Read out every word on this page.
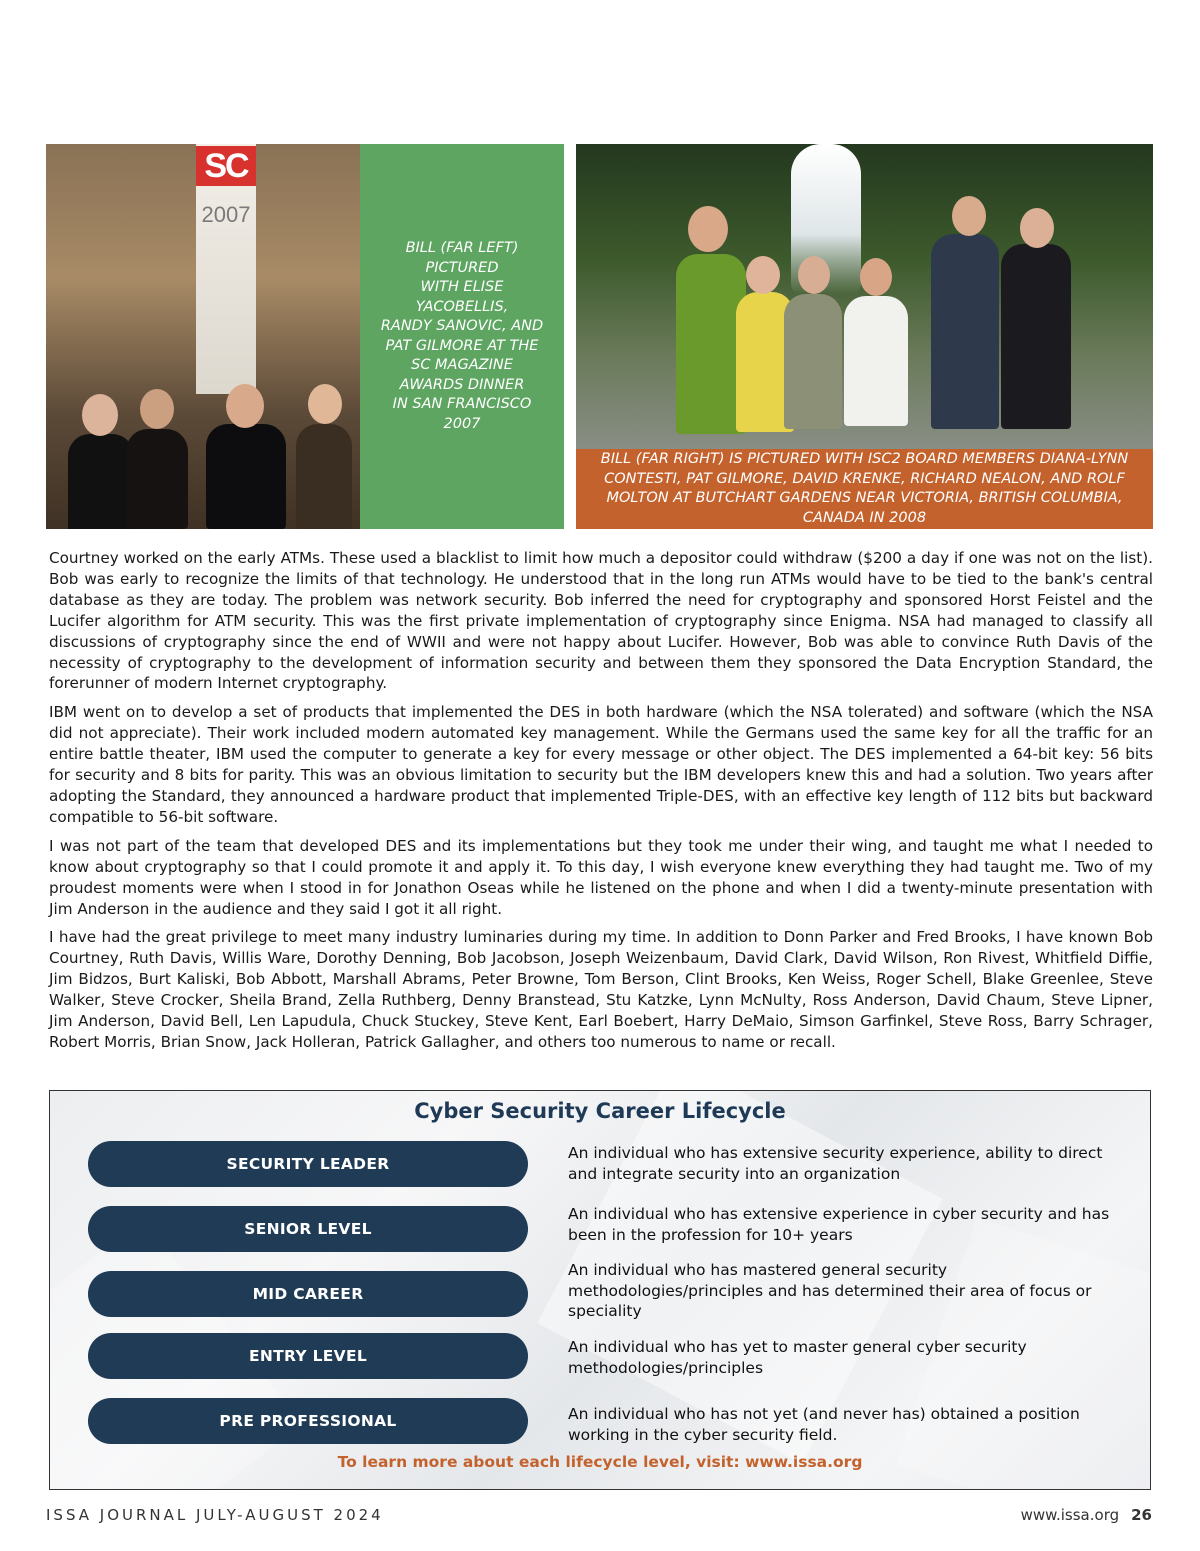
SC
2007
BILL (FAR LEFT)
PICTURED
WITH ELISE
YACOBELLIS,
RANDY SANOVIC, AND
PAT GILMORE AT THE
SC MAGAZINE
AWARDS DINNER
IN SAN FRANCISCO
2007
BILL (FAR RIGHT) IS PICTURED WITH ISC2 BOARD MEMBERS DIANA-LYNN CONTESTI, PAT GILMORE, DAVID KRENKE, RICHARD NEALON, AND ROLF MOLTON AT BUTCHART GARDENS NEAR VICTORIA, BRITISH COLUMBIA, CANADA IN 2008

Courtney worked on the early ATMs. These used a blacklist to limit how much a depositor could withdraw ($200 a day if one was not on the list). Bob was early to recognize the limits of that technology. He understood that in the long run ATMs would have to be tied to the bank's central database as they are today. The problem was network security. Bob inferred the need for cryptography and sponsored Horst Feistel and the Lucifer algorithm for ATM security. This was the first private implementation of cryptography since Enigma. NSA had managed to classify all discussions of cryptography since the end of WWII and were not happy about Lucifer. However, Bob was able to convince Ruth Davis of the necessity of cryptography to the development of information security and between them they sponsored the Data Encryption Standard, the forerunner of modern Internet cryptography.

IBM went on to develop a set of products that implemented the DES in both hardware (which the NSA tolerated) and software (which the NSA did not appreciate). Their work included modern automated key management. While the Germans used the same key for all the traffic for an entire battle theater, IBM used the computer to generate a key for every message or other object. The DES implemented a 64-bit key: 56 bits for security and 8 bits for parity. This was an obvious limitation to security but the IBM developers knew this and had a solution. Two years after adopting the Standard, they announced a hardware product that implemented Triple-DES, with an effective key length of 112 bits but backward compatible to 56-bit software.

I was not part of the team that developed DES and its implementations but they took me under their wing, and taught me what I needed to know about cryptography so that I could promote it and apply it. To this day, I wish everyone knew everything they had taught me. Two of my proudest moments were when I stood in for Jonathon Oseas while he listened on the phone and when I did a twenty-minute presentation with Jim Anderson in the audience and they said I got it all right.

I have had the great privilege to meet many industry luminaries during my time. In addition to Donn Parker and Fred Brooks, I have known Bob Courtney, Ruth Davis, Willis Ware, Dorothy Denning, Bob Jacobson, Joseph Weizenbaum, David Clark, David Wilson, Ron Rivest, Whitfield Diffie, Jim Bidzos, Burt Kaliski, Bob Abbott, Marshall Abrams, Peter Browne, Tom Berson, Clint Brooks, Ken Weiss, Roger Schell, Blake Greenlee, Steve Walker, Steve Crocker, Sheila Brand, Zella Ruthberg, Denny Branstead, Stu Katzke, Lynn McNulty, Ross Anderson, David Chaum, Steve Lipner, Jim Anderson, David Bell, Len Lapudula, Chuck Stuckey, Steve Kent, Earl Boebert, Harry DeMaio, Simson Garfinkel, Steve Ross, Barry Schrager, Robert Morris, Brian Snow, Jack Holleran, Patrick Gallagher, and others too numerous to name or recall.

Cyber Security Career Lifecycle
SECURITY LEADER
An individual who has extensive security experience, ability to direct and integrate security into an organization
SENIOR LEVEL
An individual who has extensive experience in cyber security and has been in the profession for 10+ years
MID CAREER
An individual who has mastered general security methodologies/principles and has determined their area of focus or speciality
ENTRY LEVEL	An individual who has yet to master general cyber security methodologies/principles
PRE PROFESSIONAL	An individual who has not yet (and never has) obtained a position working in the cyber security field.
To learn more about each lifecycle level, visit: www.issa.org
ISSA JOURNAL JULY-AUGUST 2024	www.issa.org 26
